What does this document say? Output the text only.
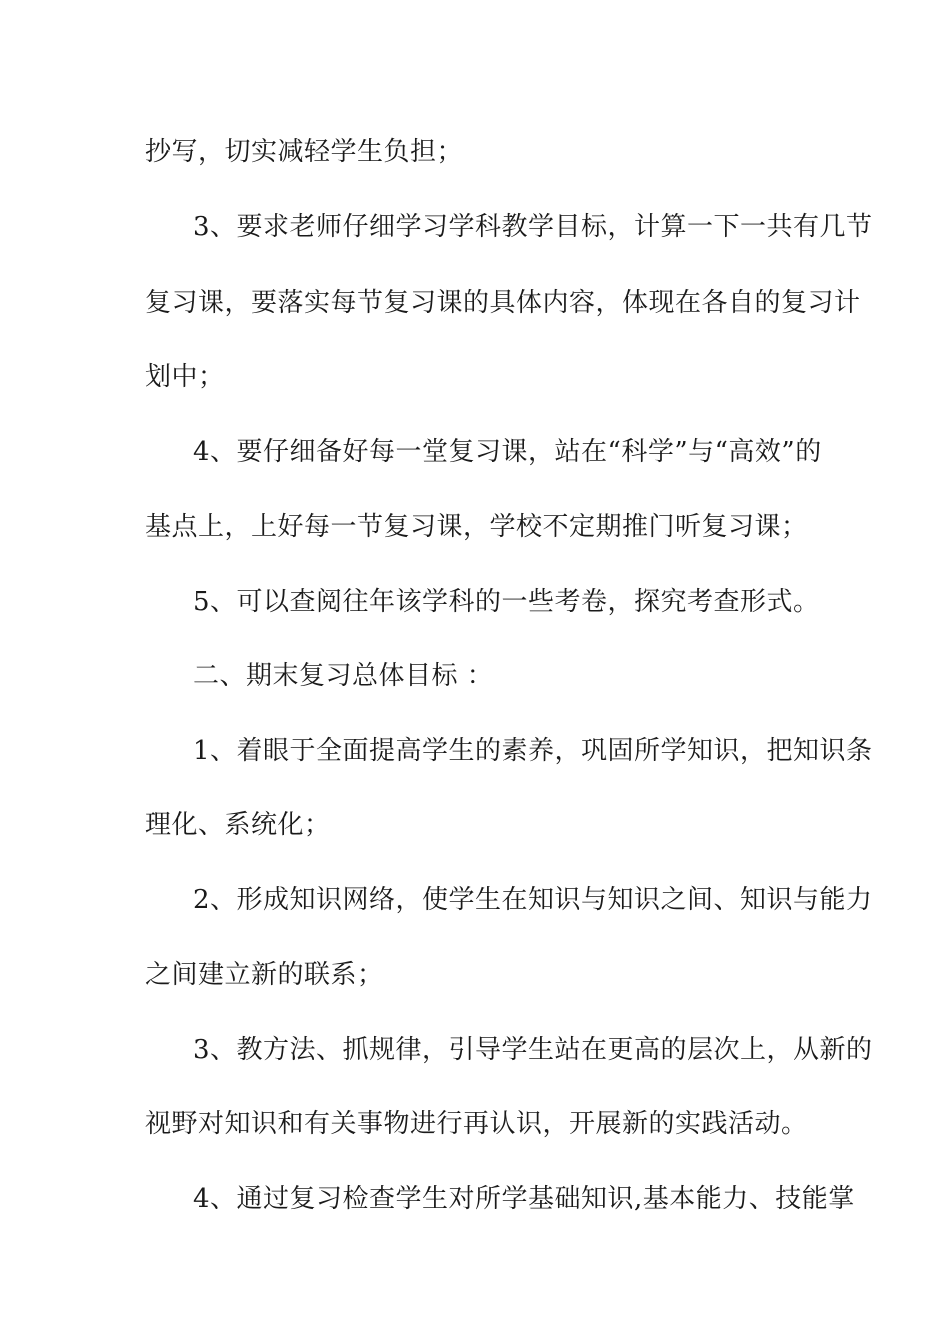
抄写，切实减轻学生负担；
3、要求老师仔细学习学科教学目标，计算一下一共有几节
复习课，要落实每节复习课的具体内容，体现在各自的复习计
划中；
4、要仔细备好每一堂复习课，站在“科学”与“高效”的
基点上，上好每一节复习课，学校不定期推门听复习课；
5、可以查阅往年该学科的一些考卷，探究考查形式。
二、期末复习总体目标 ：
1、着眼于全面提高学生的素养，巩固所学知识，把知识条
理化、系统化；
2、形成知识网络，使学生在知识与知识之间、知识与能力
之间建立新的联系；
3、教方法、抓规律，引导学生站在更高的层次上，从新的
视野对知识和有关事物进行再认识，开展新的实践活动。
4、通过复习检查学生对所学基础知识,基本能力、技能掌
